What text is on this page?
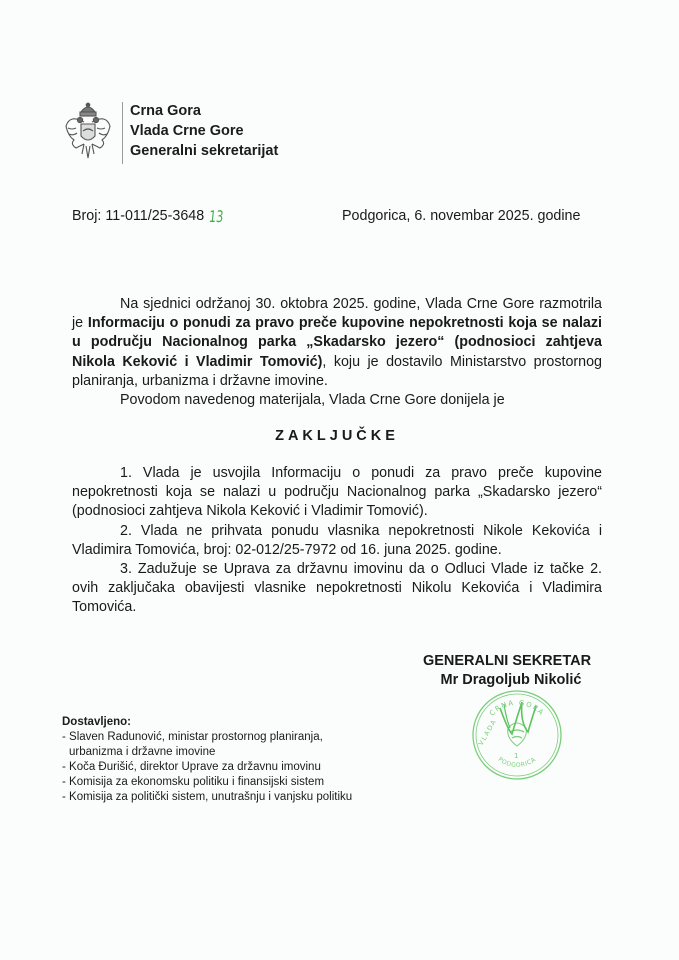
Crna Gora
Vlada Crne Gore
Generalni sekretarijat
Broj: 11-011/25-3648 13	Podgorica, 6. novembar 2025. godine

Na sjednici održanoj 30. oktobra 2025. godine, Vlada Crne Gore razmotrila je Informaciju o ponudi za pravo preče kupovine nepokretnosti koja se nalazi u području Nacionalnog parka „Skadarsko jezero“ (podnosioci zahtjeva Nikola Keković i Vladimir Tomović), koju je dostavilo Ministarstvo prostornog planiranja, urbanizma i državne imovine.

Povodom navedenog materijala, Vlada Crne Gore donijela je

ZAKLJUČKE

1. Vlada je usvojila Informaciju o ponudi za pravo preče kupovine nepokretnosti koja se nalazi u području Nacionalnog parka „Skadarsko jezero“ (podnosioci zahtjeva Nikola Keković i Vladimir Tomović).

2. Vlada ne prihvata ponudu vlasnika nepokretnosti Nikole Kekovića i Vladimira Tomovića, broj: 02-012/25-7972 od 16. juna 2025. godine.

3. Zadužuje se Uprava za državnu imovinu da o Odluci Vlade iz tačke 2. ovih zaključaka obavijesti vlasnike nepokretnosti Nikolu Kekovića i Vladimira Tomovića.

CRNA GORA
1
PODGORICA
VLADA
GENERALNI SEKRETAR
Mr Dragoljub Nikolić
Dostavljeno:
- Slaven Radunović, ministar prostornog planiranja,
urbanizma i državne imovine
- Koča Đurišić, direktor Uprave za državnu imovinu
- Komisija za ekonomsku politiku i finansijski sistem
- Komisija za politički sistem, unutrašnju i vanjsku politiku
